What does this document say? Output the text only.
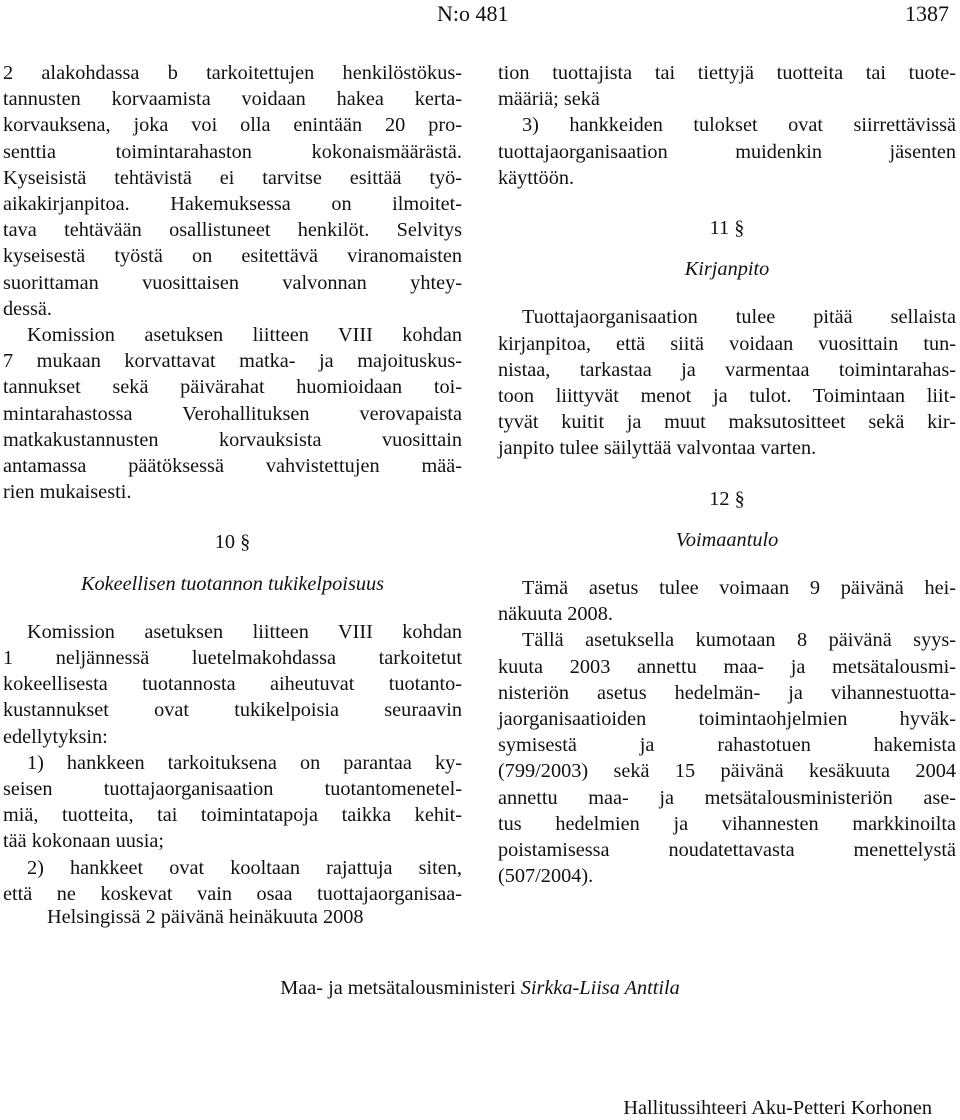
N:o 481	1387
2 alakohdassa b tarkoitettujen henkilöstökus-
tannusten korvaamista voidaan hakea kerta-
korvauksena, joka voi olla enintään 20 pro-
senttia toimintarahaston kokonaismäärästä.
Kyseisistä tehtävistä ei tarvitse esittää työ-
aikakirjanpitoa. Hakemuksessa on ilmoitet-
tava tehtävään osallistuneet henkilöt. Selvitys
kyseisestä työstä on esitettävä viranomaisten
suorittaman vuosittaisen valvonnan yhtey-
dessä.
Komission asetuksen liitteen VIII kohdan
7 mukaan korvattavat matka- ja majoituskus-
tannukset sekä päivärahat huomioidaan toi-
mintarahastossa Verohallituksen verovapaista
matkakustannusten korvauksista vuosittain
antamassa päätöksessä vahvistettujen mää-
rien mukaisesti.
10 §
Kokeellisen tuotannon tukikelpoisuus
Komission asetuksen liitteen VIII kohdan
1 neljännessä luetelmakohdassa tarkoitetut
kokeellisesta tuotannosta aiheutuvat tuotanto-
kustannukset ovat tukikelpoisia seuraavin
edellytyksin:
1) hankkeen tarkoituksena on parantaa ky-
seisen tuottajaorganisaation tuotantomenetel-
miä, tuotteita, tai toimintatapoja taikka kehit-
tää kokonaan uusia;
2) hankkeet ovat kooltaan rajattuja siten,
että ne koskevat vain osaa tuottajaorganisaa-
tion tuottajista tai tiettyjä tuotteita tai tuote-
määriä; sekä
3) hankkeiden tulokset ovat siirrettävissä
tuottajaorganisaation muidenkin jäsenten
käyttöön.
11 §
Kirjanpito
Tuottajaorganisaation tulee pitää sellaista
kirjanpitoa, että siitä voidaan vuosittain tun-
nistaa, tarkastaa ja varmentaa toimintarahas-
toon liittyvät menot ja tulot. Toimintaan liit-
tyvät kuitit ja muut maksutositteet sekä kir-
janpito tulee säilyttää valvontaa varten.
12 §
Voimaantulo
Tämä asetus tulee voimaan 9 päivänä hei-
näkuuta 2008.
Tällä asetuksella kumotaan 8 päivänä syys-
kuuta 2003 annettu maa- ja metsätalousmi-
nisteriön asetus hedelmän- ja vihannestuotta-
jaorganisaatioiden toimintaohjelmien hyväk-
symisestä ja rahastotuen hakemista
(799/2003) sekä 15 päivänä kesäkuuta 2004
annettu maa- ja metsätalousministeriön ase-
tus hedelmien ja vihannesten markkinoilta
poistamisessa noudatettavasta menettelystä
(507/2004).
Helsingissä 2 päivänä heinäkuuta 2008
Maa- ja metsätalousministeri Sirkka-Liisa Anttila
Hallitussihteeri Aku-Petteri Korhonen
